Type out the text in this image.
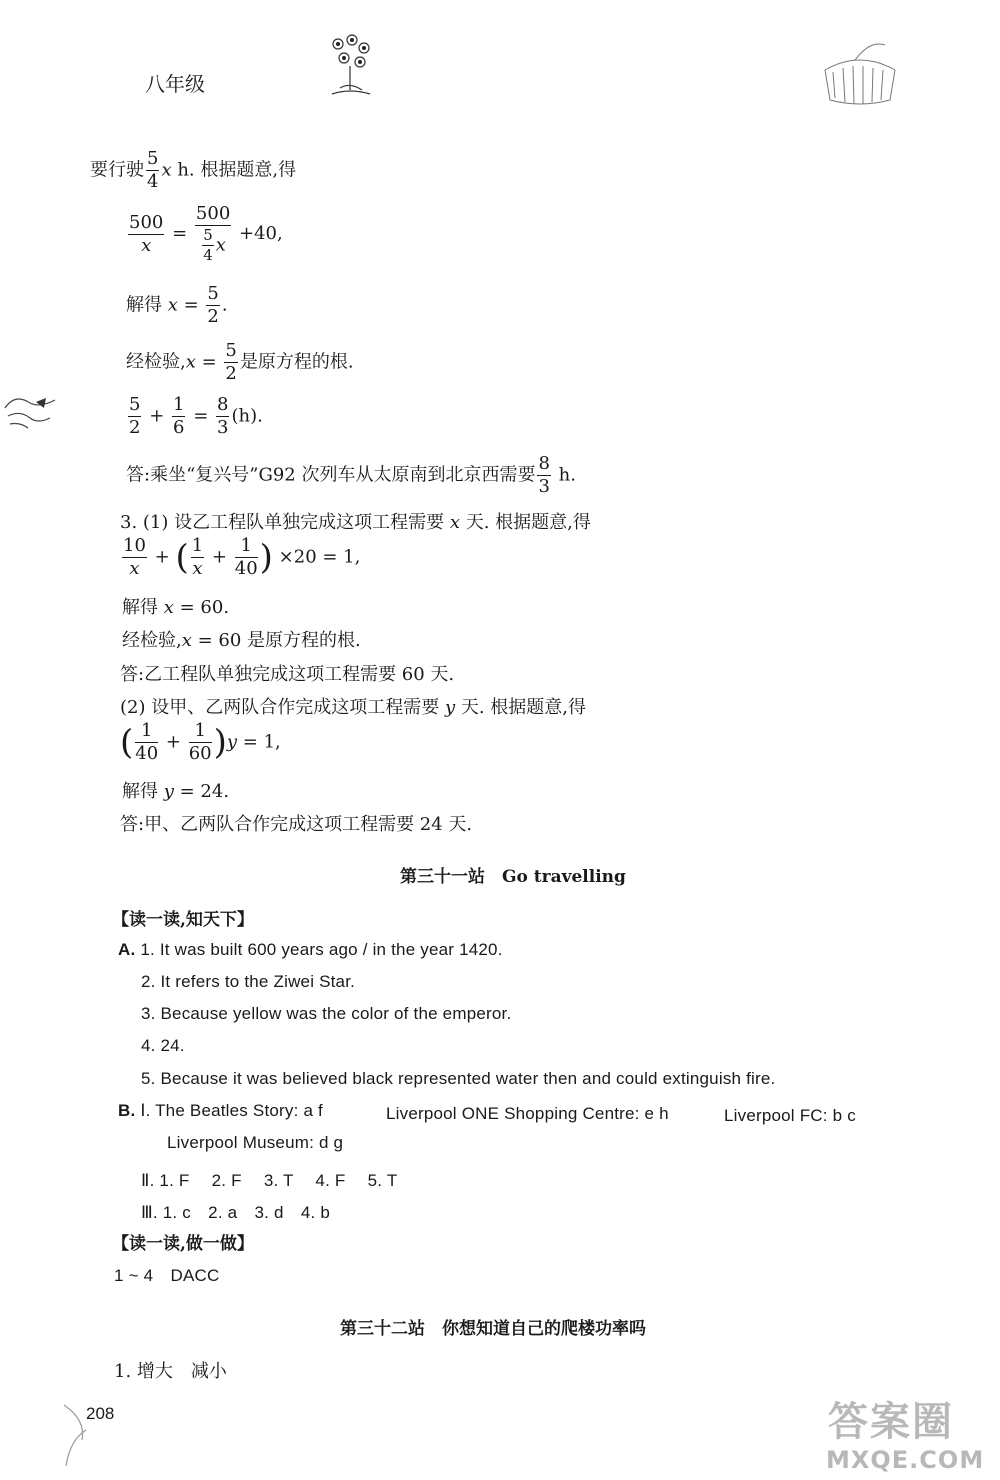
八年级
要行驶 $\frac{5}{4}$ x h. 根据题意,得
$\frac{500}{x} = \frac{500}{\frac{5}{4} x} +40$,
解得 $x = \frac{5}{2}$ .
经检验$,x = \frac{5}{2}$ 是原方程的根.
$\frac{5}{2} + \frac{1}{6} = \frac{8}{3} (h)$.
答:乘坐“复兴号”G92 次列车从太原南到北京西需要 $\frac{8}{3} h$.
3. (1) 设乙工程队单独完成这项工程需要 x 天. 根据题意,得
$\frac{10}{x}$ + ( $\frac{1}{x} + \frac{1}{40}$ ) ×20 = 1,
解得 x = 60.
经检验,x = 60 是原方程的根.
答:乙工程队单独完成这项工程需要 60 天.
(2) 设甲、乙两队合作完成这项工程需要 y 天. 根据题意,得
( $\frac{1}{40} + \frac{1}{60} )y = 1$,
解得 y = 24.
答:甲、乙两队合作完成这项工程需要 24 天.
第三十一站　Go travelling
【读一读,知天下】
A. 1. It was built 600 years ago / in the year 1420.
2. It refers to the Ziwei Star.
3. Because yellow was the color of the emperor.
4. 24.
5. Because it was believed black represented water then and could extinguish fire.
B. Ⅰ. The Beatles Story: a f	Liverpool ONE Shopping Centre: e h	Liverpool FC: b c
Liverpool Museum: d g
Ⅱ. 1. F　 2. F　 3. T　 4. F　 5. T
Ⅲ. 1. c　2. a　3. d　4. b
【读一读,做一做】
1 ~ 4　DACC
第三十二站　你想知道自己的爬楼功率吗
1. 增大　减小
208	答案圈
MXQE.COM
